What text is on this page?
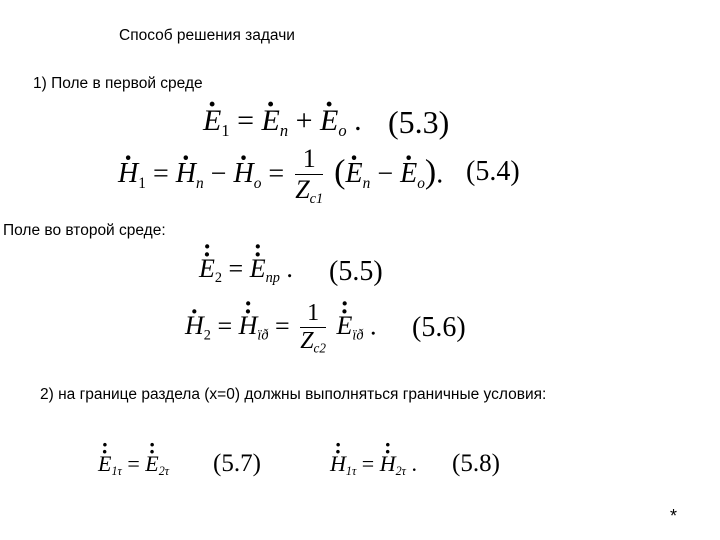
Способ решения задачи
1) Поле в первой среде
Поле во второй среде:
2) на границе раздела (x=0) должны выполняться граничные условия:
· $E_1$ = · $E_n$ + · $E_o$ . (5.3)
· $H_1$ = · $H_n$ − · $H_o = \frac{1}{Z_{c1}}$ (· $E_n$ − · $E_o$). (5.4)
· $E \cdot_2$ = · $E \cdot_{np}$ . (5.5)
· $H_2$ = · $H \cdot_{ïð} = \frac{1}{Z_{c2}}$
· $E \cdot_{ïð}$ . (5.6)
· $E \cdot_{1\tau}$ = · $E \cdot_{2\tau}$ (5.7)
·	$H \cdot_{1\tau}$ = · $H \cdot_{2\tau}$ . (5.8)
*
